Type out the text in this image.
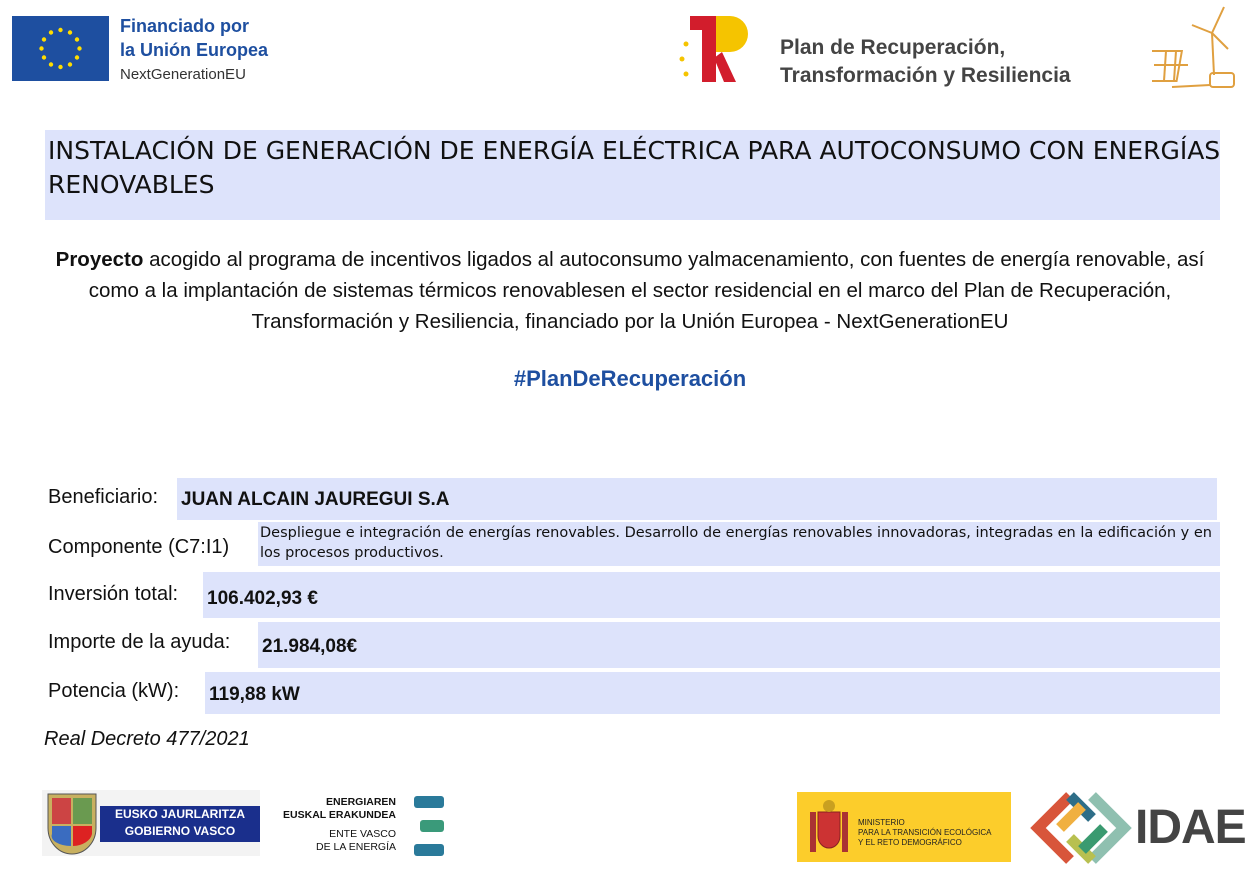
Financiado por
la Unión Europea
NextGenerationEU
Plan de Recuperación,
Transformación y Resiliencia
INSTALACIÓN DE GENERACIÓN DE ENERGÍA ELÉCTRICA PARA AUTOCONSUMO CON ENERGÍAS RENOVABLES
Proyecto acogido al programa de incentivos ligados al autoconsumo yalmacenamiento, con fuentes de energía renovable, así como a la implantación de sistemas térmicos renovablesen el sector residencial en el marco del Plan de Recuperación, Transformación y Resiliencia, financiado por la Unión Europea - NextGenerationEU
#PlanDeRecuperación
Beneficiario: JUAN ALCAIN JAUREGUI S.A
Componente (C7:I1)
Despliegue e integración de energías renovables. Desarrollo de energías renovables innovadoras, integradas en la edificación y en los procesos productivos.
Inversión total: 106.402,93 €
Importe de la ayuda: 21.984,08€
Potencia (kW): 119,88 kW
Real Decreto 477/2021
EUSKO JAURLARITZA
GOBIERNO VASCO
ENERGIAREN
EUSKAL ERAKUNDEA
ENTE VASCO
DE LA ENERGÍA
MINISTERIO
PARA LA TRANSICIÓN ECOLÓGICA
Y EL RETO DEMOGRÁFICO	IDAE
